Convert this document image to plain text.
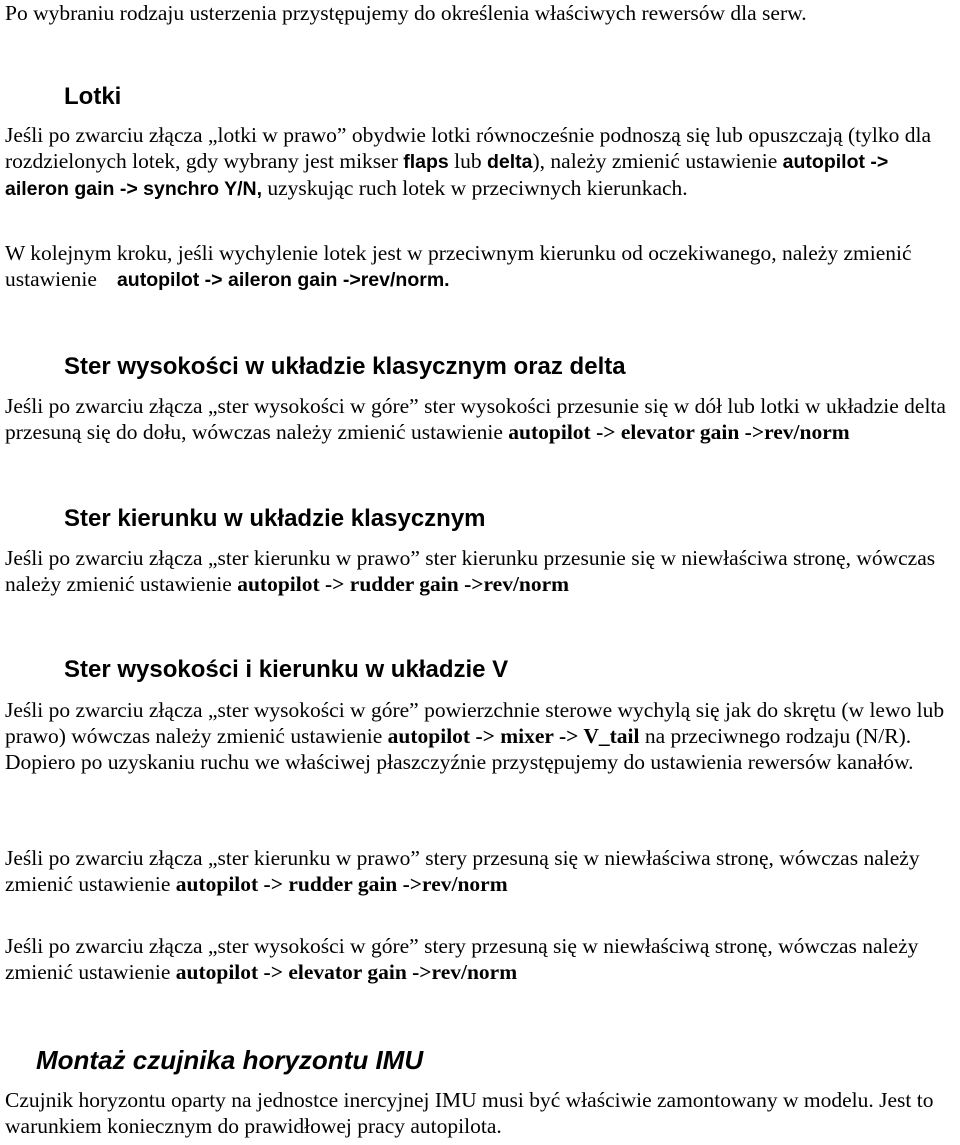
Po wybraniu rodzaju usterzenia przystępujemy do określenia właściwych rewersów dla serw.

Lotki

Jeśli po zwarciu złącza „lotki w prawo” obydwie lotki równocześnie podnoszą się lub opuszczają (tylko dla rozdzielonych lotek, gdy wybrany jest mikser flaps lub delta), należy zmienić ustawienie autopilot -> aileron gain -> synchro Y/N, uzyskując ruch lotek w przeciwnych kierunkach.

W kolejnym kroku, jeśli wychylenie lotek jest w przeciwnym kierunku od oczekiwanego, należy zmienić ustawienie autopilot -> aileron gain ->rev/norm.

Ster wysokości w układzie klasycznym oraz delta

Jeśli po zwarciu złącza „ster wysokości w góre” ster wysokości przesunie się w dół lub lotki w układzie delta przesuną się do dołu, wówczas należy zmienić ustawienie autopilot -> elevator gain ->rev/norm

Ster kierunku w układzie klasycznym

Jeśli po zwarciu złącza „ster kierunku w prawo” ster kierunku przesunie się w niewłaściwa stronę, wówczas należy zmienić ustawienie autopilot -> rudder gain ->rev/norm

Ster wysokości i kierunku w układzie V

Jeśli po zwarciu złącza „ster wysokości w góre” powierzchnie sterowe wychylą się jak do skrętu (w lewo lub prawo) wówczas należy zmienić ustawienie autopilot -> mixer -> V_tail na przeciwnego rodzaju (N/R). Dopiero po uzyskaniu ruchu we właściwej płaszczyźnie przystępujemy do ustawienia rewersów kanałów.

Jeśli po zwarciu złącza „ster kierunku w prawo” stery przesuną się w niewłaściwa stronę, wówczas należy zmienić ustawienie autopilot -> rudder gain ->rev/norm

Jeśli po zwarciu złącza „ster wysokości w góre” stery przesuną się w niewłaściwą stronę, wówczas należy zmienić ustawienie autopilot -> elevator gain ->rev/norm

Montaż czujnika horyzontu IMU

Czujnik horyzontu oparty na jednostce inercyjnej IMU musi być właściwie zamontowany w modelu. Jest to warunkiem koniecznym do prawidłowej pracy autopilota.
